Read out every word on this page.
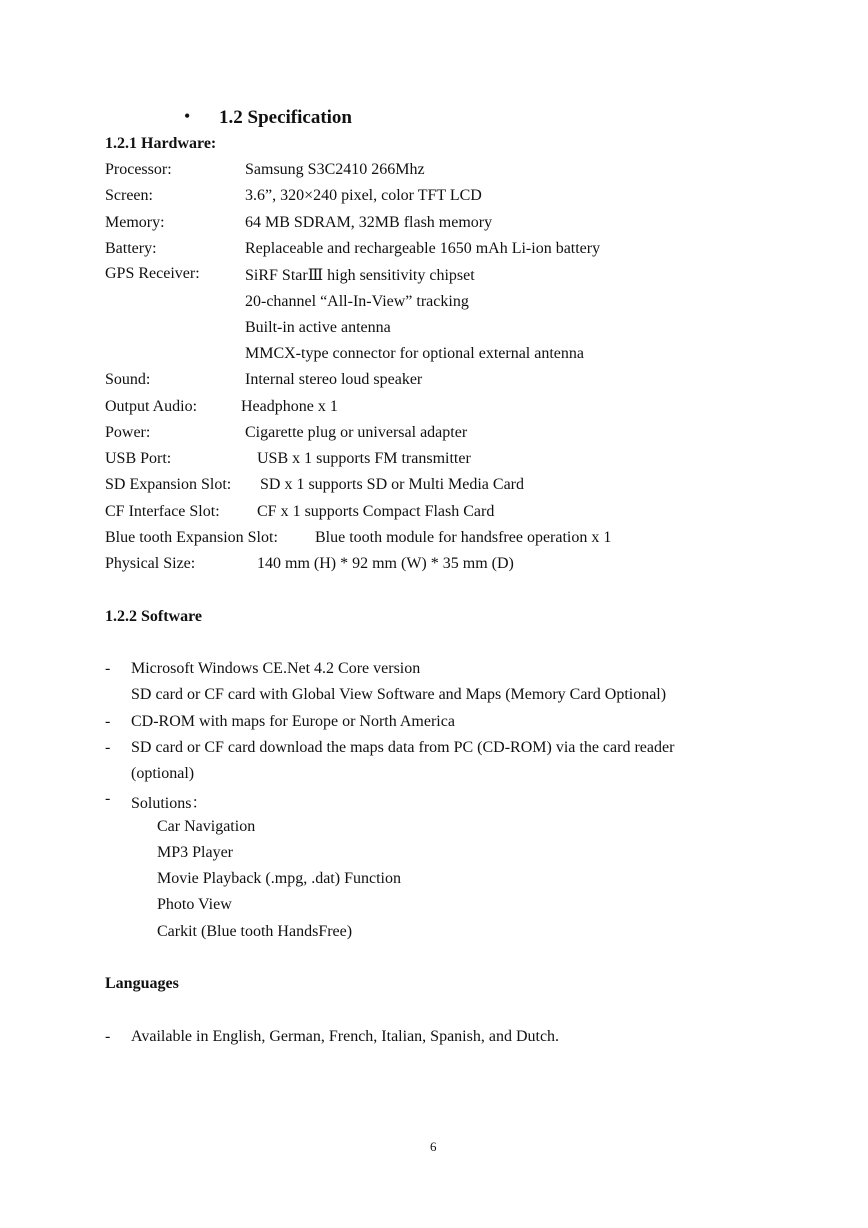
• 1.2 Specification
1.2.1 Hardware:
Processor:	Samsung S3C2410 266Mhz
Screen:	3.6”, 320×240 pixel, color TFT LCD
Memory:	64 MB SDRAM, 32MB flash memory
Battery:	Replaceable and rechargeable 1650 mAh Li-ion battery
GPS Receiver:	SiRF StarⅢ high sensitivity chipset
20-channel “All-In-View” tracking
Built-in active antenna
MMCX-type connector for optional external antenna
Sound:	Internal stereo loud speaker
Output Audio:	Headphone x 1
Power:	Cigarette plug or universal adapter
USB Port:	USB x 1 supports FM transmitter
SD Expansion Slot: SD x 1 supports SD or Multi Media Card
CF Interface Slot: CF x 1 supports Compact Flash Card
Blue tooth Expansion Slot: Blue tooth module for handsfree operation x 1
Physical Size:	140 mm (H) * 92 mm (W) * 35 mm (D)
1.2.2 Software
- Microsoft Windows CE.Net 4.2 Core version
SD card or CF card with Global View Software and Maps (Memory Card Optional)
- CD-ROM with maps for Europe or North America
- SD card or CF card download the maps data from PC (CD-ROM) via the card reader
(optional)
- Solutions：
Car Navigation
MP3 Player
Movie Playback (.mpg, .dat) Function
Photo View
Carkit (Blue tooth HandsFree)
Languages
- Available in English, German, French, Italian, Spanish, and Dutch.
6
